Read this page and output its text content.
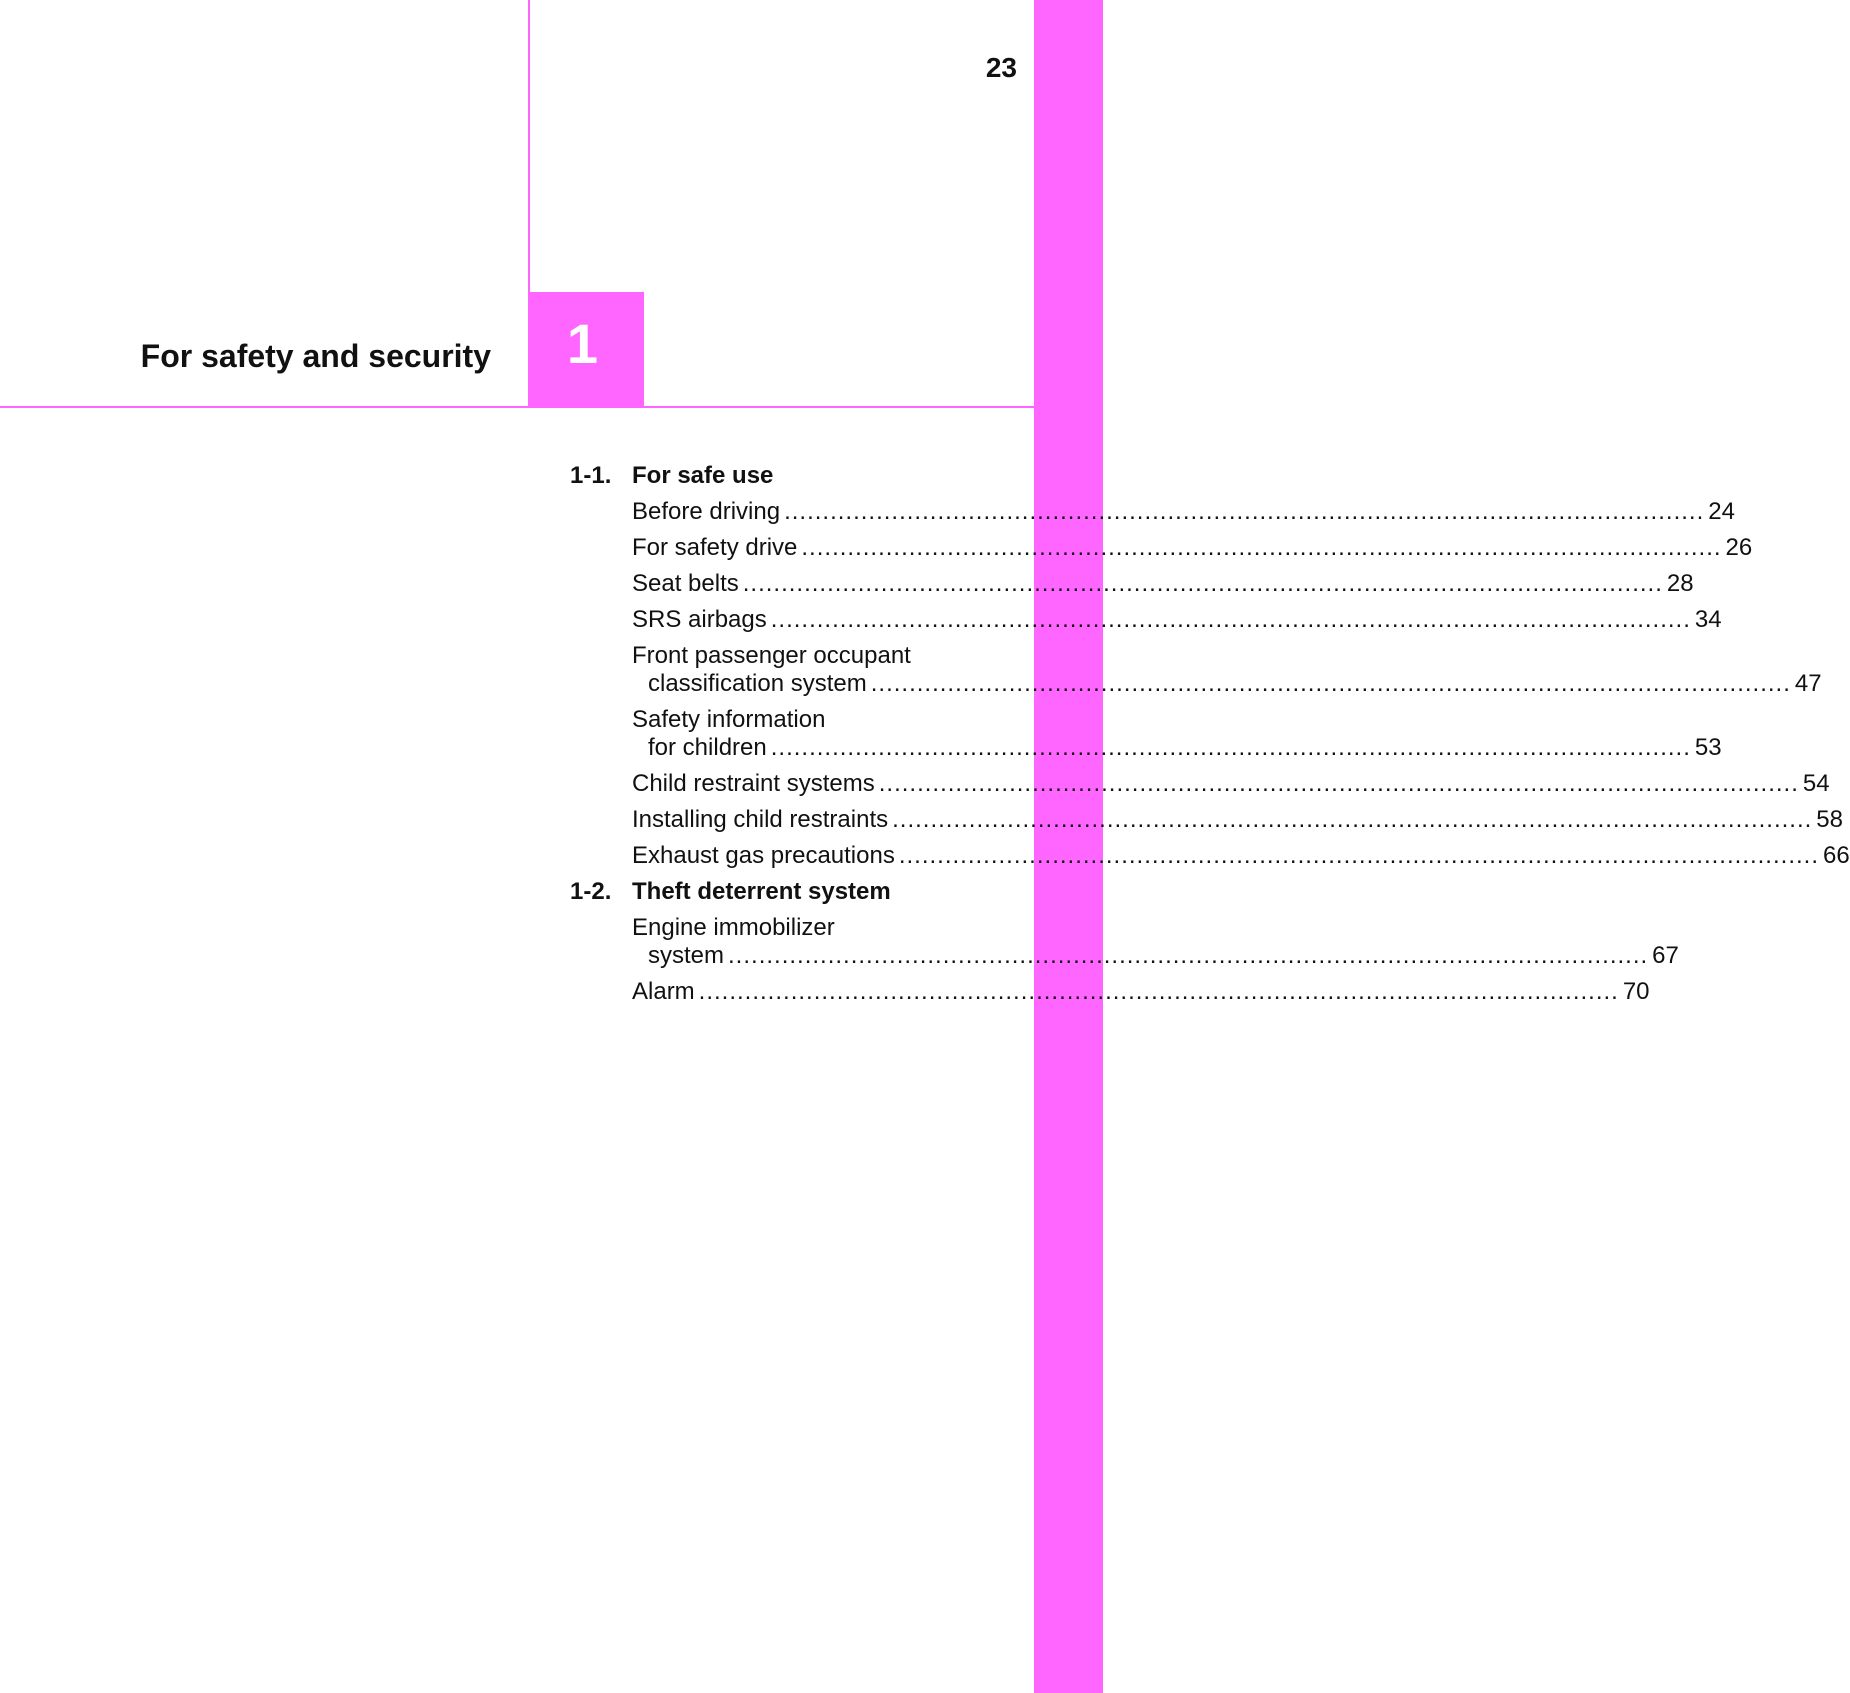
23
For safety and security	1
1-1. For safe use
Before driving ........................................................................................................................ 24
For safety drive ........................................................................................................................ 26
Seat belts ........................................................................................................................ 28
SRS airbags ........................................................................................................................ 34
Front passenger occupant
classification system ........................................................................................................................ 47
Safety information
for children ........................................................................................................................ 53
Child restraint systems ........................................................................................................................ 54
Installing child restraints ........................................................................................................................ 58
Exhaust gas precautions ........................................................................................................................ 66
1-2. Theft deterrent system
Engine immobilizer
system ........................................................................................................................ 67
Alarm ........................................................................................................................ 70
